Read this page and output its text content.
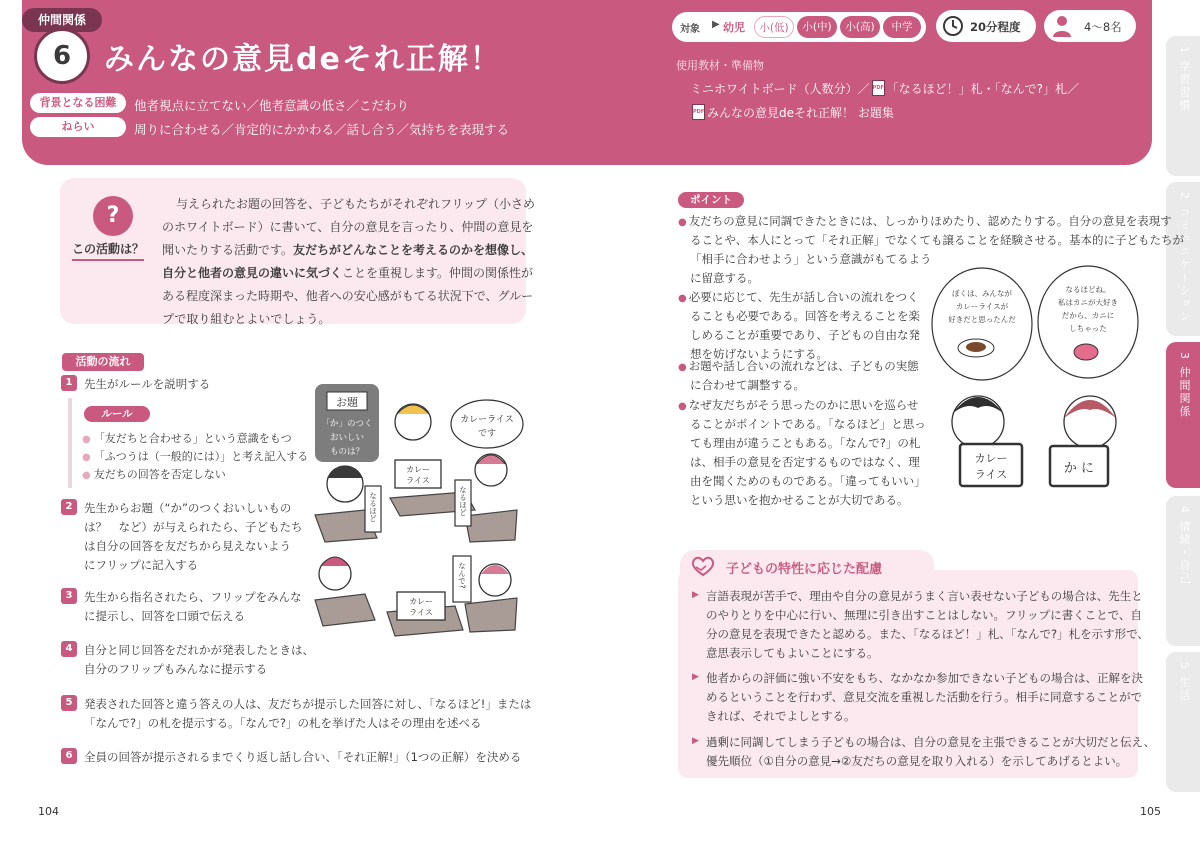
仲間関係
6	みんなの意見deそれ正解！
背景となる困難	他者視点に立てない／他者意識の低さ／こだわり
ねらい	周りに合わせる／肯定的にかかわる／話し合う／気持ちを表現する
対象 ▶ 幼児	小(低)	小(中)	小(高)	中学	20分程度	4～8名
使用教材・準備物
ミニホワイトボード（人数分）／PDF 「なるほど！」札・「なんで?」札／
PDFみんなの意見deそれ正解！ お題集
1 学習習慣
2 コミュニケーション
3 仲間関係
4 情緒・自己
5 生活
?
この活動は？
与えられたお題の回答を、子どもたちがそれぞれフリップ（小さめ
のホワイトボード）に書いて、自分の意見を言ったり、仲間の意見を
聞いたりする活動です。友だちがどんなことを考えるのかを想像し、
自分と他者の意見の違いに気づくことを重視します。仲間の関係性が
ある程度深まった時期や、他者への安心感がもてる状況下で、グルー
プで取り組むとよいでしょう。
活動の流れ
1	先生がルールを説明する
ルール
● 「友だちと合わせる」という意識をもつ
● 「ふつうは（一般的には）」と考え記入する
● 友だちの回答を否定しない
2	先生からお題（“か”のつくおいしいもの
は？　など）が与えられたら、子どもたち
は自分の回答を友だちから見えないよう
にフリップに記入する
3	先生から指名されたら、フリップをみんな
に提示し、回答を口頭で伝える
4	自分と同じ回答をだれかが発表したときは、
自分のフリップもみんなに提示する
5	発表された回答と違う答えの人は、友だちが提示した回答に対し、「なるほど!」または
「なんで?」の札を提示する。「なんで?」の札を挙げた人はその理由を述べる
6	全員の回答が提示されるまでくり返し話し合い、「それ正解!」（1つの正解）を決める
お題
「か」のつく
おいしい
ものは？
カレーライス
です
カレー
ライス
なるほど	なるほど
なんで?
カレー
ライス
ポイント
● 友だちの意見に同調できたときには、しっかりほめたり、認めたりする。自分の意見を表現す
ることや、本人にとって「それ正解」でなくても譲ることを経験させる。基本的に子どもたちが
「相手に合わせよう」という意識がもてるよう
に留意する。
● 必要に応じて、先生が話し合いの流れをつく
ることも必要である。回答を考えることを楽
しめることが重要であり、子どもの自由な発
想を妨げないようにする。
● お題や話し合いの流れなどは、子どもの実態
に合わせて調整する。
● なぜ友だちがそう思ったのかに思いを巡らせ
ることがポイントである。「なるほど」と思っ
ても理由が違うこともある。「なんで?」の札
は、相手の意見を否定するものではなく、理
由を聞くためのものである。「違ってもいい」
という思いを抱かせることが大切である。
ぼくは、みんなが
カレーライスが
好きだと思ったんだ
なるほどね。
私はカニが大好き
だから、カニに
しちゃった
カレー
ライス	か に
子どもの特性に応じた配慮
▶ 言語表現が苦手で、理由や自分の意見がうまく言い表せない子どもの場合は、先生と
のやりとりを中心に行い、無理に引き出すことはしない。フリップに書くことで、自
分の意見を表現できたと認める。また、「なるほど！」札、「なんで?」札を示す形で、
意思表示してもよいことにする。
▶ 他者からの評価に強い不安をもち、なかなか参加できない子どもの場合は、正解を決
めるということを行わず、意見交流を重視した活動を行う。相手に同意することがで
きれば、それでよしとする。
▶ 過剰に同調してしまう子どもの場合は、自分の意見を主張できることが大切だと伝え、
優先順位（①自分の意見→②友だちの意見を取り入れる）を示してあげるとよい。
104	105
